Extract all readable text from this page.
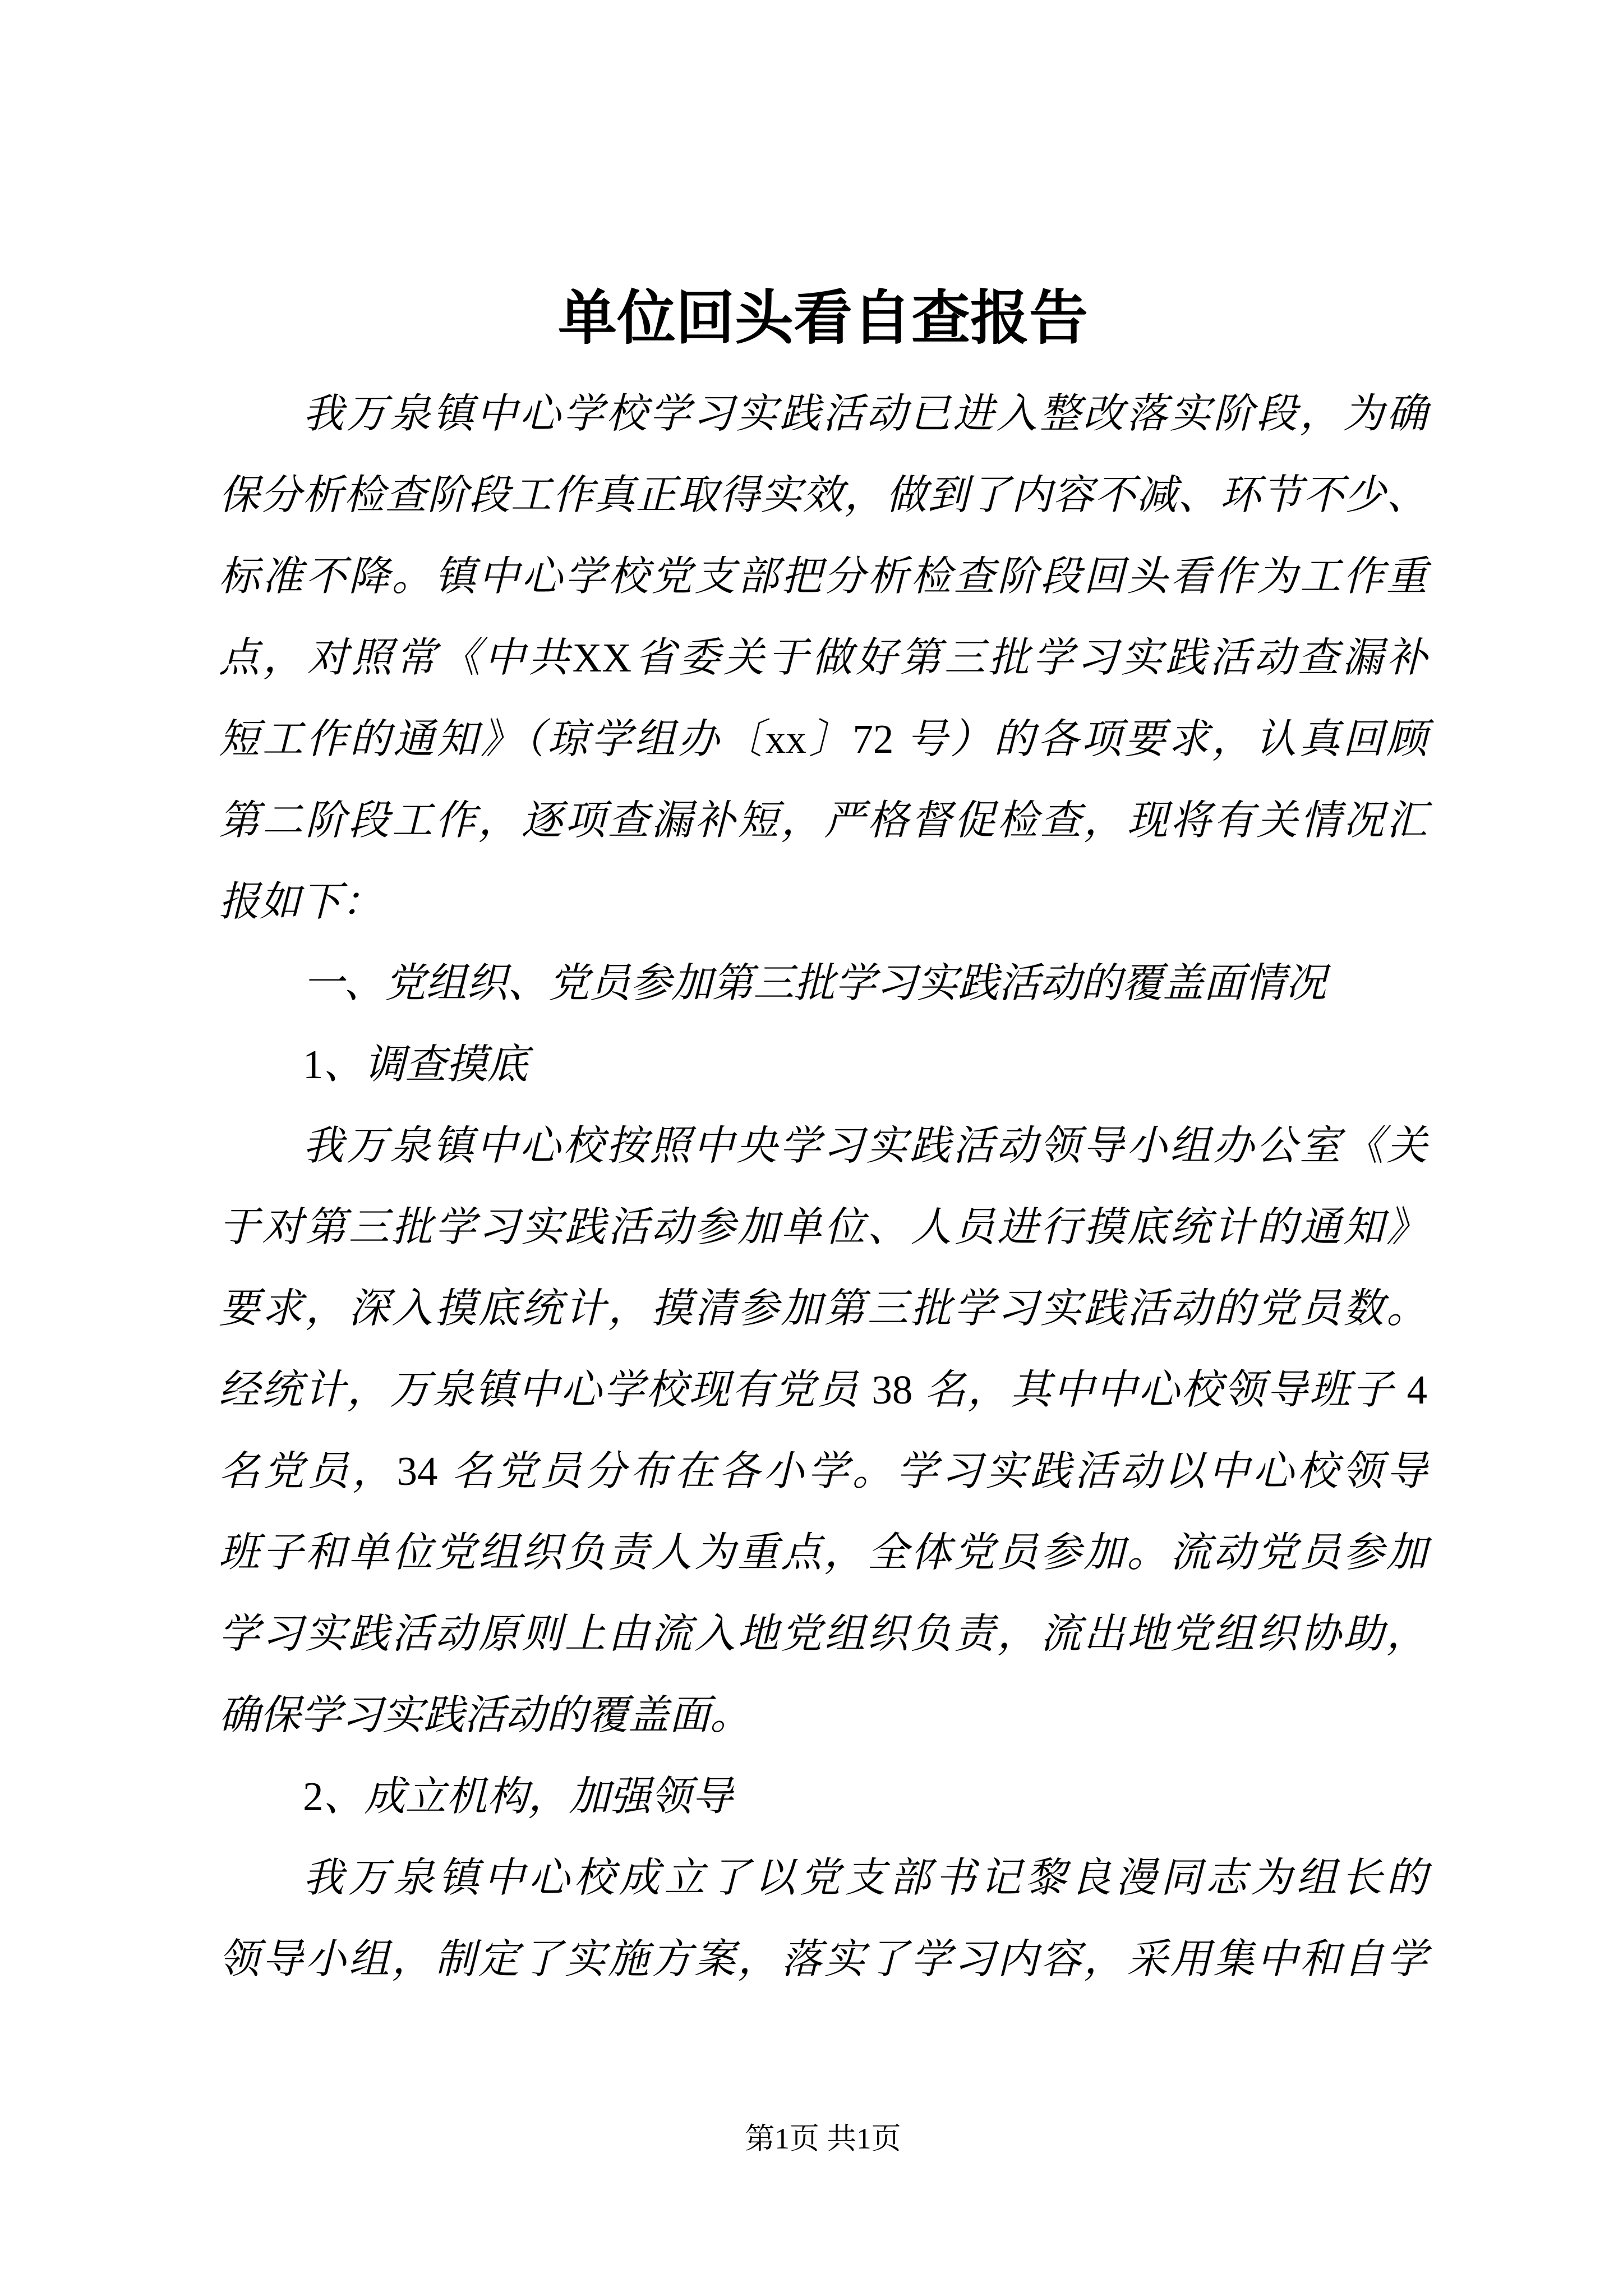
单位回头看自查报告
我万泉镇中心学校学习实践活动已进入整改落实阶段，为确
保分析检查阶段工作真正取得实效，做到了内容不减、环节不少、
标准不降。镇中心学校党支部把分析检查阶段回头看作为工作重
点，对照常《中共XX省委关于做好第三批学习实践活动查漏补
短工作的通知》（琼学组办〔xx〕72 号）的各项要求，认真回顾
第二阶段工作，逐项查漏补短，严格督促检查，现将有关情况汇
报如下：
一、党组织、党员参加第三批学习实践活动的覆盖面情况
1、调查摸底
我万泉镇中心校按照中央学习实践活动领导小组办公室《关
于对第三批学习实践活动参加单位、人员进行摸底统计的通知》
要求，深入摸底统计，摸清参加第三批学习实践活动的党员数。
经统计，万泉镇中心学校现有党员 38 名，其中中心校领导班子 4
名党员，34 名党员分布在各小学。学习实践活动以中心校领导
班子和单位党组织负责人为重点，全体党员参加。流动党员参加
学习实践活动原则上由流入地党组织负责，流出地党组织协助，
确保学习实践活动的覆盖面。
2、成立机构，加强领导
我万泉镇中心校成立了以党支部书记黎良漫同志为组长的
领导小组，制定了实施方案，落实了学习内容，采用集中和自学
第1页 共1页
